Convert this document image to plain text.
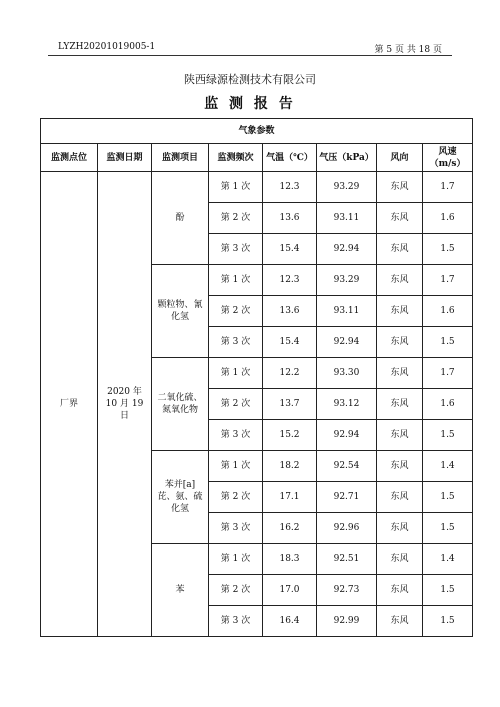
LYZH20201019005-1	第 5 页 共 18 页
陕西绿源检测技术有限公司
监 测 报 告
气象参数							
监测点位	监测日期	监测项目	监测频次	气温（℃）	气压（kPa）	风向	风速（m/s）
厂界	2020 年 10 月 19 日	酚	第 1 次	12.3	93.29	东风	1.7
			第 2 次	13.6	93.11	东风	1.6
			第 3 次	15.4	92.94	东风	1.5
		颗粒物、氰化氢	第 1 次	12.3	93.29	东风	1.7
			第 2 次	13.6	93.11	东风	1.6
			第 3 次	15.4	92.94	东风	1.5
		二氧化硫、氮氧化物	第 1 次	12.2	93.30	东风	1.7
			第 2 次	13.7	93.12	东风	1.6
			第 3 次	15.2	92.94	东风	1.5
		苯并[a]芘、氨、硫化氢	第 1 次	18.2	92.54	东风	1.4
			第 2 次	17.1	92.71	东风	1.5
			第 3 次	16.2	92.96	东风	1.5
		苯	第 1 次	18.3	92.51	东风	1.4
			第 2 次	17.0	92.73	东风	1.5
			第 3 次	16.4	92.99	东风	1.5
